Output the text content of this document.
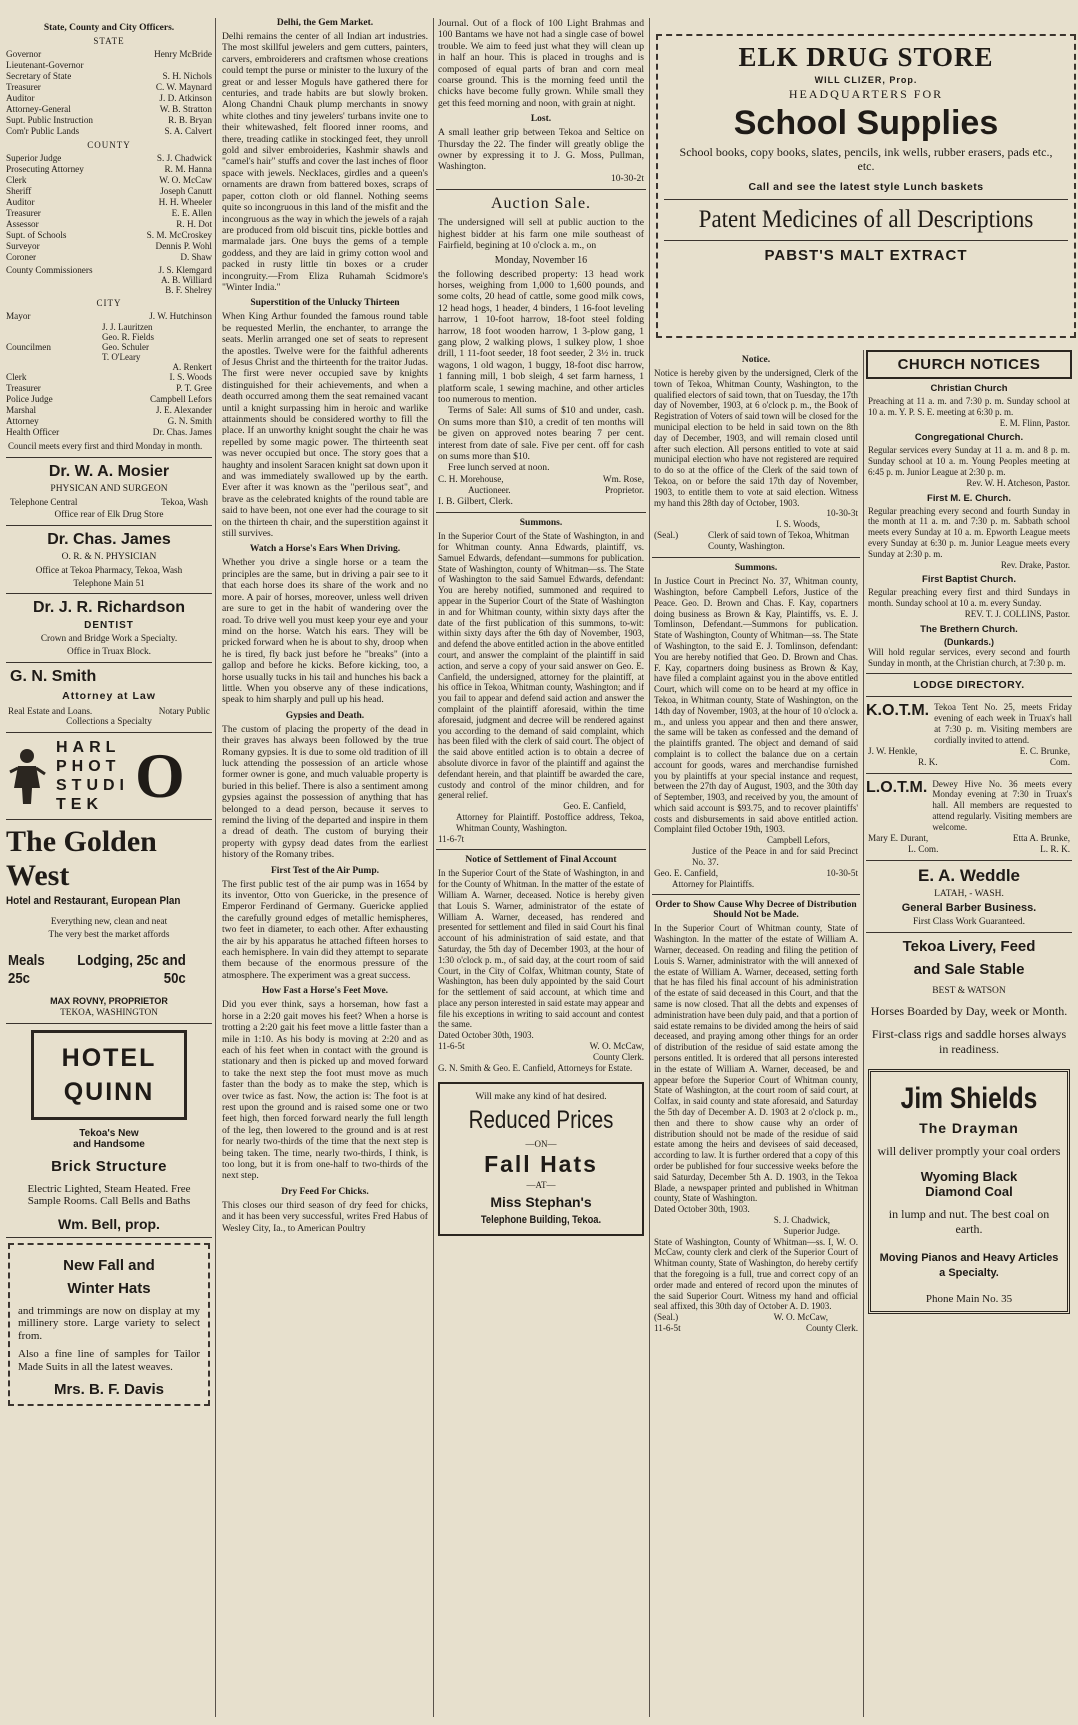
State, County and City Officers.
STATE
Governor	Henry McBride
Lieutenant-Governor
Secretary of State	S. H. Nichols
Treasurer	C. W. Maynard
Auditor	J. D. Atkinson
Attorney-General	W. B. Stratton
Supt. Public Instruction	R. B. Bryan
Com'r Public Lands	S. A. Calvert
COUNTY
Superior Judge	S. J. Chadwick
Prosecuting Attorney	R. M. Hanna
Clerk	W. O. McCaw
Sheriff	Joseph Canutt
Auditor	H. H. Wheeler
Treasurer	E. E. Allen
Assessor	R. H. Dot
Supt. of Schools	S. M. McCroskey
Surveyor	Dennis P. Wohl
Coroner	D. Shaw
County Commissioners	J. S. Klemgard
A. B. Williard
B. F. Shelrey
CITY
Mayor	J. W. Hutchinson
Councilmen
J. J. Lauritzen
Geo. R. Fields
Geo. Schuler
T. O'Leary
A. Renkert
Clerk	I. S. Woods
Treasurer	P. T. Gree
Police Judge	Campbell Lefors
Marshal	J. E. Alexander
Attorney	G. N. Smith
Health Officer	Dr. Chas. James
Council meets every first and third Monday in month.
Dr. W. A. Mosier
PHYSICAN AND SURGEON
Telephone Central	Tekoa, Wash
Office rear of Elk Drug Store
Dr. Chas. James
O. R. & N. PHYSICIAN
Office at Tekoa Pharmacy, Tekoa, Wash
Telephone Main 51
Dr. J. R. Richardson
DENTIST
Crown and Bridge Work a Specialty.
Office in Truax Block.
G. N. Smith
Attorney at Law
Real Estate and Loans.	Notary Public
Collections a Specialty
HARL
PHOT
STUDI
TEK O
The Golden West
Hotel and Restaurant, European Plan
Everything new, clean and neat
The very best the market affords
Meals 25c
Lodging, 25c and 50c
MAX ROVNY, PROPRIETOR
TEKOA, WASHINGTON
HOTEL
QUINN
Tekoa's New
and Handsome
Brick Structure
Electric Lighted, Steam Heated. Free Sample Rooms. Call Bells and Baths
Wm. Bell, prop.
New Fall and
Winter Hats
and trimmings are now on display at my millinery store. Large variety to select from.
Also a fine line of samples for Tailor Made Suits in all the latest weaves.
Mrs. B. F. Davis
Delhi, the Gem Market.
Delhi remains the center of all Indian art industries. The most skillful jewelers and gem cutters, painters, carvers, embroiderers and craftsmen whose creations could tempt the purse or minister to the luxury of the great or and lesser Moguls have gathered there for centuries, and trade habits are but slowly broken. Along Chandni Chauk plump merchants in snowy white clothes and tiny jewelers' turbans invite one to their whitewashed, felt floored inner rooms, and there, treading catlike in stockinged feet, they unroll gold and silver embroideries, Kashmir shawls and "camel's hair" stuffs and cover the last inches of floor space with jewels. Necklaces, girdles and a queen's ornaments are drawn from battered boxes, scraps of paper, cotton cloth or old flannel. Nothing seems quite so incongruous in this land of the misfit and the incongruous as the way in which the jewels of a rajah are produced from old biscuit tins, pickle bottles and marmalade jars. One buys the gems of a temple goddess, and they are laid in grimy cotton wool and packed in rusty little tin boxes or a cruder incongruity.—From Eliza Ruhamah Scidmore's "Winter India."
Superstition of the Unlucky Thirteen
When King Arthur founded the famous round table be requested Merlin, the enchanter, to arrange the seats. Merlin arranged one set of seats to represent the apostles. Twelve were for the faithful adherents of Jesus Christ and the thirteenth for the traitor Judas. The first were never occupied save by knights distinguished for their achievements, and when a death occurred among them the seat remained vacant until a knight surpassing him in heroic and warlike attainments should be considered worthy to fill the place. If an unworthy knight sought the chair he was repelled by some magic power. The thirteenth seat was never occupied but once. The story goes that a haughty and insolent Saracen knight sat down upon it and was immediately swallowed up by the earth. Ever after it was known as the "perilous seat", and brave as the celebrated knights of the round table are said to have been, not one ever had the courage to sit on the thirteen th chair, and the superstition against it still survives.
Watch a Horse's Ears When Driving.
Whether you drive a single horse or a team the principles are the same, but in driving a pair see to it that each horse does its share of the work and no more. A pair of horses, moreover, unless well driven are sure to get in the habit of wandering over the road. To drive well you must keep your eye and your mind on the horse. Watch his ears. They will be pricked forward when he is about to shy, droop when he is tired, fly back just before he "breaks" (into a gallop and before he kicks. Before kicking, too, a horse usually tucks in his tail and hunches his back a little. When you observe any of these indications, speak to him sharply and pull up his head.
Gypsies and Death.
The custom of placing the property of the dead in their graves has always been followed by the true Romany gypsies. It is due to some old tradition of ill luck attending the possession of an article whose former owner is gone, and much valuable property is buried in this belief. There is also a sentiment among gypsies against the possession of anything that has belonged to a dead person, because it serves to remind the living of the departed and inspire in them a dread of death. The custom of burying their property with gypsy dead dates from the earliest history of the Romany tribes.
First Test of the Air Pump.
The first public test of the air pump was in 1654 by its inventor, Otto von Guericke, in the presence of Emperor Ferdinand of Germany. Guericke applied the carefully ground edges of metallic hemispheres, two feet in diameter, to each other. After exhausting the air by his apparatus he attached fifteen horses to each hemisphere. In vain did they attempt to separate them because of the enormous pressure of the atmosphere. The experiment was a great success.
How Fast a Horse's Feet Move.
Did you ever think, says a horseman, how fast a horse in a 2:20 gait moves his feet? When a horse is trotting a 2:20 gait his feet move a little faster than a mile in 1:10. As his body is moving at 2:20 and as each of his feet when in contact with the ground is stationary and then is picked up and moved forward to take the next step the foot must move as much faster than the body as to make the step, which is over twice as fast. Now, the action is: The foot is at rest upon the ground and is raised some one or two feet high, then forced forward nearly the full length of the leg, then lowered to the ground and is at rest for nearly two-thirds of the time that the next step is being taken. The time, nearly two-thirds, I think, is too long, but it is from one-half to two-thirds of the next step.
Dry Feed For Chicks.
This closes our third season of dry feed for chicks, and it has been very successful, writes Fred Habus of Wesley City, Ia., to American Poultry
Journal. Out of a flock of 100 Light Brahmas and 100 Bantams we have not had a single case of bowel trouble. We aim to feed just what they will clean up in half an hour. This is placed in troughs and is composed of equal parts of bran and corn meal coarse ground. This is the morning feed until the chicks have become fully grown. While small they get this feed morning and noon, with grain at night.
Lost.
A small leather grip between Tekoa and Seltice on Thursday the 22. The finder will greatly oblige the owner by expressing it to J. G. Moss, Pullman, Washington.
10-30-2t
Auction Sale.
The undersigned will sell at public auction to the highest bidder at his farm one mile southeast of Fairfield, begining at 10 o'clock a. m., on
Monday, November 16
the following described property: 13 head work horses, weighing from 1,000 to 1,600 pounds, and some colts, 20 head of cattle, some good milk cows, 12 head hogs, 1 header, 4 binders, 1 16-foot leveling harrow, 1 10-foot harrow, 18-foot steel folding harrow, 18 foot wooden harrow, 1 3-plow gang, 1 gang plow, 2 walking plows, 1 sulkey plow, 1 shoe drill, 1 11-foot seeder, 18 foot seeder, 2 3½ in. truck wagons, 1 old wagon, 1 buggy, 18-foot disc harrow, 1 fanning mill, 1 bob sleigh, 4 set farm harness, 1 platform scale, 1 sewing machine, and other articles too numerous to mention.
Terms of Sale: All sums of $10 and under, cash. On sums more than $10, a credit of ten months will be given on approved notes bearing 7 per cent. interest from date of sale. Five per cent. off for cash on sums more than $10.
Free lunch served at noon.
C. H. Morehouse,	Wm. Rose,
Auctioneer.	Proprietor.
I. B. Gilbert, Clerk.
Summons.
In the Superior Court of the State of Washington, in and for Whitman county. Anna Edwards, plaintiff, vs. Samuel Edwards, defendant—summons for publication. State of Washington, county of Whitman—ss. The State of Washington to the said Samuel Edwards, defendant: You are hereby notified, summoned and required to appear in the Superior Court of the State of Washington in and for Whitman county, within sixty days after the date of the first publication of this summons, to-wit: within sixty days after the 6th day of November, 1903, and defend the above entitled action in the above entitled court, and answer the complaint of the plaintiff in said action, and serve a copy of your said answer on Geo. E. Canfield, the undersigned, attorney for the plaintiff, at his office in Tekoa, Whitman county, Washington; and if you fail to appear and defend said action and answer the complaint of the plaintiff aforesaid, within the time aforesaid, judgment and decree will be rendered against you according to the demand of said complaint, which has been filed with the clerk of said court. The object of the said above entitled action is to obtain a decree of absolute divorce in favor of the plaintiff and against the defendant herein, and that plaintiff be awarded the care, custody and control of the minor children, and for general relief.
Geo. E. Canfield,
Attorney for Plaintiff. Postoffice address, Tekoa, Whitman County, Washington.
11-6-7t
Notice of Settlement of Final Account
In the Superior Court of the State of Washington, in and for the County of Whitman. In the matter of the estate of William A. Warner, deceased. Notice is hereby given that Louis S. Warner, administrator of the estate of William A. Warner, deceased, has rendered and presented for settlement and filed in said Court his final account of his administration of said estate, and that Saturday, the 5th day of December 1903, at the hour of 1:30 o'clock p. m., of said day, at the court room of said Court, in the City of Colfax, Whitman county, State of Washington, has been duly appointed by the said Court for the settlement of said account, at which time and place any person interested in said estate may appear and file his exceptions in writing to said account and contest the same.
Dated October 30th, 1903.
11-6-5t	W. O. McCaw,
County Clerk.
G. N. Smith & Geo. E. Canfield, Attorneys for Estate.
Will make any kind of hat desired.
Reduced Prices
—ON—
Fall Hats
—AT—
Miss Stephan's
Telephone Building, Tekoa.
ELK DRUG STORE
WILL CLIZER, Prop.
HEADQUARTERS FOR
School Supplies
School books, copy books, slates, pencils, ink wells, rubber erasers, pads etc., etc.
Call and see the latest style Lunch baskets
Patent Medicines of all Descriptions
PABST'S MALT EXTRACT
Notice.
Notice is hereby given by the undersigned, Clerk of the town of Tekoa, Whitman County, Washington, to the qualified electors of said town, that on Tuesday, the 17th day of November, 1903, at 6 o'clock p. m., the Book of Registration of Voters of said town will be closed for the municipal election to be held in said town on the 8th day of December, 1903, and will remain closed until after such election. All persons entitled to vote at said municipal election who have not registered are required to do so at the office of the Clerk of the said town of Tekoa, on or before the said 17th day of November, 1903, to entitle them to vote at said election. Witness my hand this 28th day of October, 1903.
10-30-3t
I. S. Woods,
(Seal.)	Clerk of said town of Tekoa, Whitman County, Washington.
Summons.
In Justice Court in Precinct No. 37, Whitman county, Washington, before Campbell Lefors, Justice of the Peace. Geo. D. Brown and Chas. F. Kay, copartners doing business as Brown & Kay, Plaintiffs, vs. E. J. Tomlinson, Defendant.—Summons for publication. State of Washington, County of Whitman—ss. The State of Washington, to the said E. J. Tomlinson, defendant: You are hereby notified that Geo. D. Brown and Chas. F. Kay, copartners doing business as Brown & Kay, have filed a complaint against you in the above entitled Court, which will come on to be heard at my office in Tekoa, in Whitman county, State of Washington, on the 14th day of November, 1903, at the hour of 10 o'clock a. m., and unless you appear and then and there answer, the same will be taken as confessed and the demand of the plaintiffs granted. The object and demand of said complaint is to collect the balance due on a certain account for goods, wares and merchandise furnished you by plaintiffs at your special instance and request, between the 27th day of August, 1903, and the 30th day of September, 1903, and received by you, the amount of which said account is $93.75, and to recover plaintiffs' costs and disbursements in said above entitled action. Complaint filed October 19th, 1903.
Campbell Lefors,
Justice of the Peace in and for said Precinct No. 37.
Geo. E. Canfield,	10-30-5t
Attorney for Plaintiffs.
Order to Show Cause Why Decree of Distribution Should Not be Made.
In the Superior Court of Whitman county, State of Washington. In the matter of the estate of William A. Warner, deceased. On reading and filing the petition of Louis S. Warner, administrator with the will annexed of the estate of William A. Warner, deceased, setting forth that he has filed his final account of his administration of the estate of said deceased in this Court, and that the same is now closed. That all the debts and expenses of administration have been duly paid, and that a portion of said estate remains to be divided among the heirs of said deceased, and praying among other things for an order of distribution of the residue of said estate among the persons entitled. It is ordered that all persons interested in the estate of William A. Warner, deceased, be and appear before the Superior Court of Whitman county, State of Washington, at the court room of said court, at Colfax, in said county and state aforesaid, and Saturday the 5th day of December A. D. 1903 at 2 o'clock p. m., then and there to show cause why an order of distribution should not be made of the residue of said estate among the heirs and devisees of said deceased, according to law. It is further ordered that a copy of this order be published for four successive weeks before the said Saturday, December 5th A. D. 1903, in the Tekoa Blade, a newspaper printed and published in Whitman county, State of Washington.
Dated October 30th, 1903.
S. J. Chadwick,
Superior Judge.
State of Washington, County of Whitman—ss. I, W. O. McCaw, county clerk and clerk of the Superior Court of Whitman county, State of Washington, do hereby certify that the foregoing is a full, true and correct copy of an order made and entered of record upon the minutes of the said Superior Court. Witness my hand and official seal affixed, this 30th day of October A. D. 1903.
(Seal.)	W. O. McCaw,
11-6-5t	County Clerk.
CHURCH NOTICES
Christian Church
Preaching at 11 a. m. and 7:30 p. m. Sunday school at 10 a. m. Y. P. S. E. meeting at 6:30 p. m.
E. M. Flinn, Pastor.
Congregational Church.
Regular services every Sunday at 11 a. m. and 8 p. m. Sunday school at 10 a. m. Young Peoples meeting at 6:45 p. m. Junior League at 2:30 p. m.
Rev. W. H. Atcheson, Pastor.
First M. E. Church.
Regular preaching every second and fourth Sunday in the month at 11 a. m. and 7:30 p. m. Sabbath school meets every Sunday at 10 a. m. Epworth League meets every Sunday at 6:30 p. m. Junior League meets every Sunday at 2:30 p. m.
Rev. Drake, Pastor.
First Baptist Church.
Regular preaching every first and third Sundays in month. Sunday school at 10 a. m. every Sunday.
REV. T. J. COLLINS, Pastor.
The Brethern Church.
(Dunkards.)
Will hold regular services, every second and fourth Sunday in month, at the Christian church, at 7:30 p. m.
LODGE DIRECTORY.
K.O.T.M. Tekoa Tent No. 25, meets Friday evening of each week in Truax's hall at 7:30 p. m. Visiting members are cordially invited to attend.
J. W. Henkle,	E. C. Brunke,
R. K.	Com.
L.O.T.M. Dewey Hive No. 36 meets every Monday evening at 7:30 in Truax's hall. All members are requested to attend regularly. Visiting members are welcome.
Mary E. Durant,	Etta A. Brunke,
L. Com.	L. R. K.
E. A. Weddle
LATAH, - WASH.
General Barber Business.
First Class Work Guaranteed.
Tekoa Livery, Feed
and Sale Stable
BEST & WATSON
Horses Boarded by Day, week or Month.
First-class rigs and saddle horses always in readiness.
Jim Shields
The Drayman
will deliver promptly your coal orders
Wyoming Black
Diamond Coal
in lump and nut. The best coal on earth.
Moving Pianos and Heavy Articles a Specialty.
Phone Main No. 35
